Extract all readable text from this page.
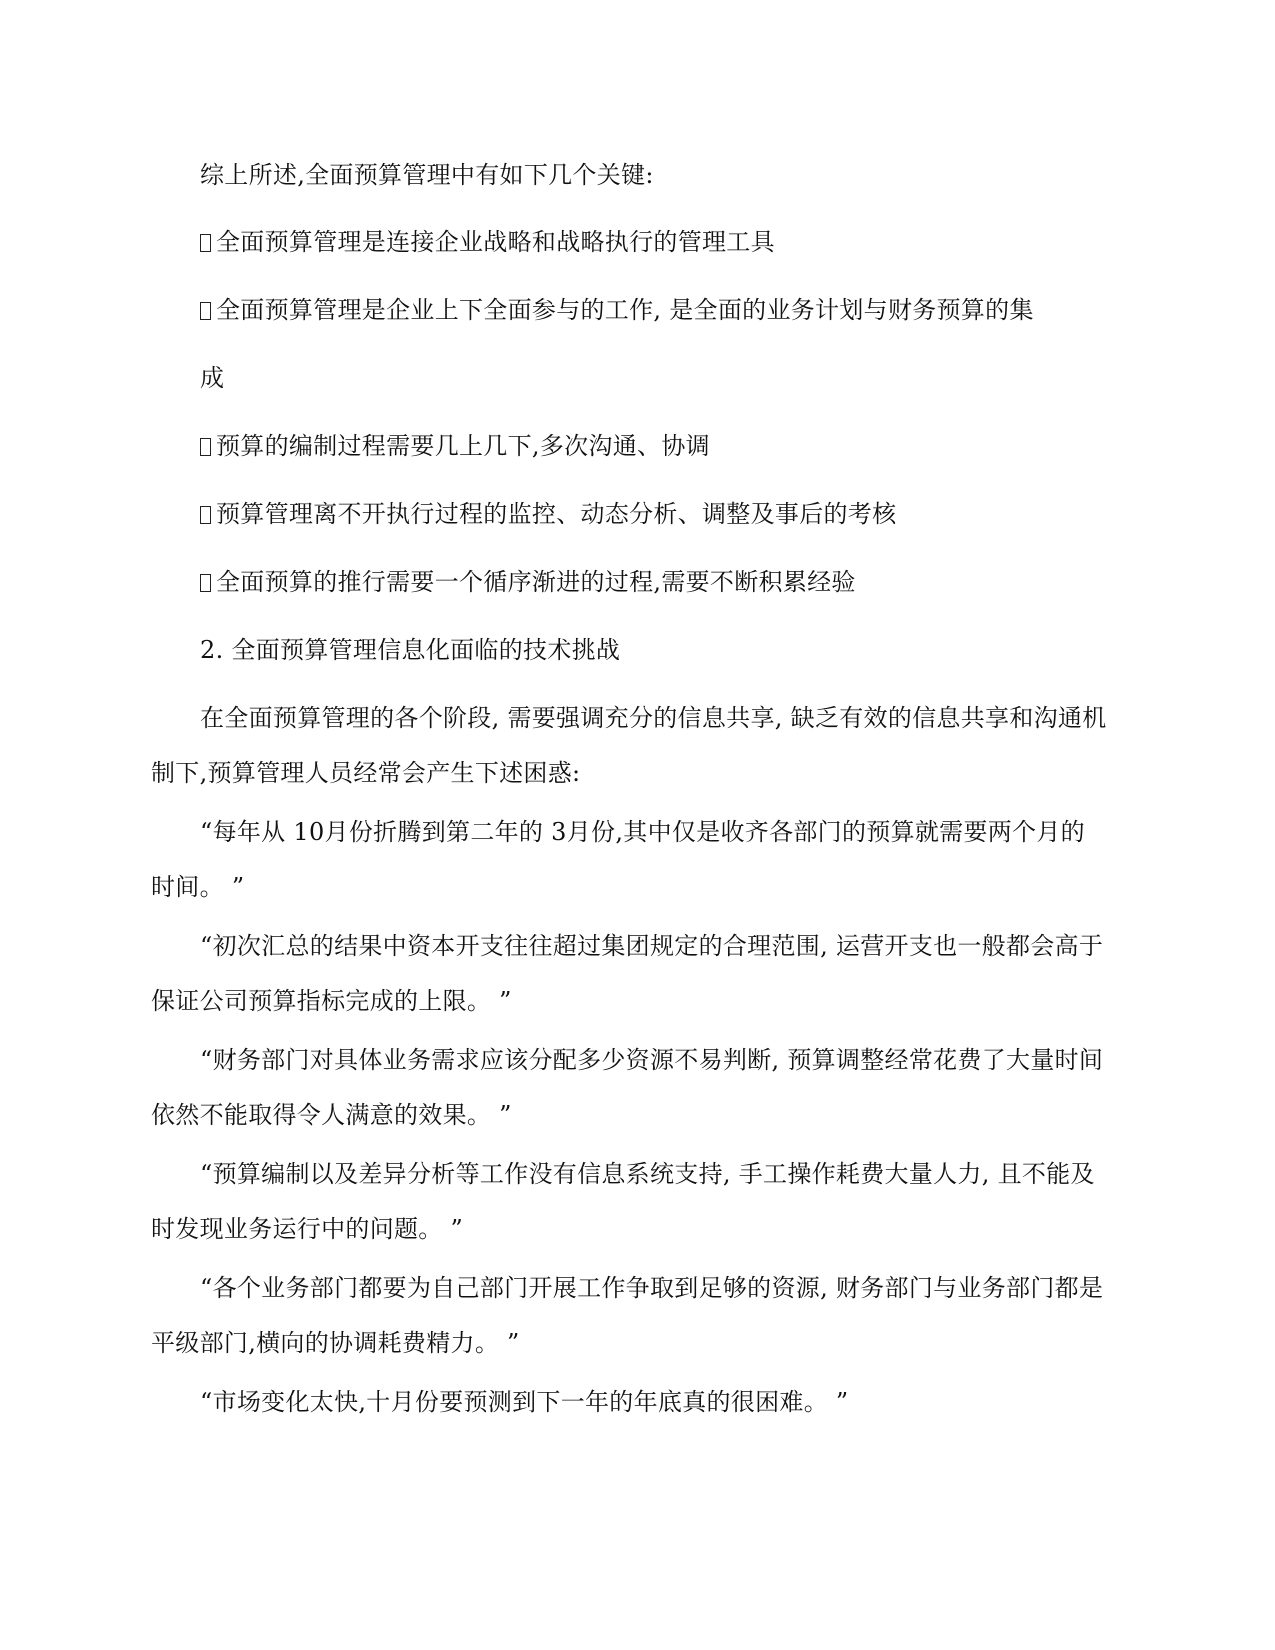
综上所述,全面预算管理中有如下几个关键:
全面预算管理是连接企业战略和战略执行的管理工具
全面预算管理是企业上下全面参与的工作, 是全面的业务计划与财务预算的集
成
预算的编制过程需要几上几下,多次沟通、协调
预算管理离不开执行过程的监控、动态分析、调整及事后的考核
全面预算的推行需要一个循序渐进的过程,需要不断积累经验
2. 全面预算管理信息化面临的技术挑战
在全面预算管理的各个阶段, 需要强调充分的信息共享, 缺乏有效的信息共享和沟通机
制下,预算管理人员经常会产生下述困惑:
“每年从 10月份折腾到第二年的 3月份,其中仅是收齐各部门的预算就需要两个月的
时间。 ”
“初次汇总的结果中资本开支往往超过集团规定的合理范围, 运营开支也一般都会高于
保证公司预算指标完成的上限。 ”
“财务部门对具体业务需求应该分配多少资源不易判断, 预算调整经常花费了大量时间
依然不能取得令人满意的效果。 ”
“预算编制以及差异分析等工作没有信息系统支持, 手工操作耗费大量人力, 且不能及
时发现业务运行中的问题。 ”
“各个业务部门都要为自己部门开展工作争取到足够的资源, 财务部门与业务部门都是
平级部门,横向的协调耗费精力。 ”
“市场变化太快,十月份要预测到下一年的年底真的很困难。 ”
